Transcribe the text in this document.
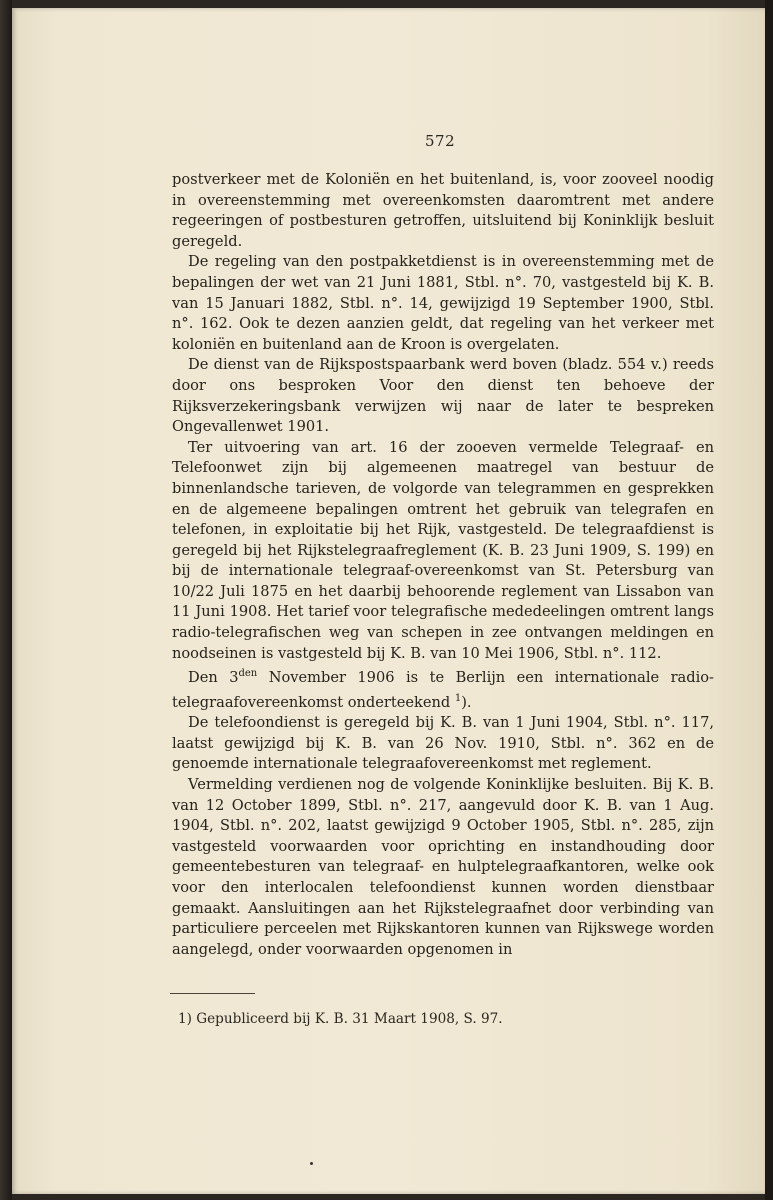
572

postverkeer met de Koloniën en het buitenland, is, voor zooveel noodig in overeenstemming met overeenkomsten daaromtrent met andere regeeringen of postbesturen getroffen, uitsluitend bij Koninklijk besluit geregeld.

De regeling van den postpakketdienst is in overeenstemming met de bepalingen der wet van 21 Juni 1881, Stbl. n°. 70, vastgesteld bij K. B. van 15 Januari 1882, Stbl. n°. 14, gewijzigd 19 September 1900, Stbl. n°. 162. Ook te dezen aanzien geldt, dat regeling van het verkeer met koloniën en buitenland aan de Kroon is overgelaten.

De dienst van de Rijkspostspaarbank werd boven (bladz. 554 v.) reeds door ons besproken Voor den dienst ten behoeve der Rijksverzekeringsbank verwijzen wij naar de later te bespreken Ongevallenwet 1901.

Ter uitvoering van art. 16 der zooeven vermelde Telegraaf- en Telefoonwet zijn bij algemeenen maatregel van bestuur de binnenlandsche tarieven, de volgorde van telegrammen en gesprekken en de algemeene bepalingen omtrent het gebruik van telegrafen en telefonen, in exploitatie bij het Rijk, vastgesteld. De telegraafdienst is geregeld bij het Rijkstelegraafreglement (K. B. 23 Juni 1909, S. 199) en bij de internationale telegraaf-overeenkomst van St. Petersburg van 10/22 Juli 1875 en het daarbij behoorende reglement van Lissabon van 11 Juni 1908. Het tarief voor telegrafische mededeelingen omtrent langs radio-telegrafischen weg van schepen in zee ontvangen meldingen en noodseinen is vastgesteld bij K. B. van 10 Mei 1906, Stbl. n°. 112.

Den $3^{den}$ November 1906 is te Berlijn een internationale radio-telegraafovereenkomst onderteekend $^1$).

De telefoondienst is geregeld bij K. B. van 1 Juni 1904, Stbl. n°. 117, laatst gewijzigd bij K. B. van 26 Nov. 1910, Stbl. n°. 362 en de genoemde internationale telegraafovereenkomst met reglement.

Vermelding verdienen nog de volgende Koninklijke besluiten. Bij K. B. van 12 October 1899, Stbl. n°. 217, aangevuld door K. B. van 1 Aug. 1904, Stbl. n°. 202, laatst gewijzigd 9 October 1905, Stbl. n°. 285, zijn vastgesteld voorwaarden voor oprichting en instandhouding door gemeentebesturen van telegraaf- en hulptelegraafkantoren, welke ook voor den interlocalen telefoondienst kunnen worden dienstbaar gemaakt. Aansluitingen aan het Rijkstelegraafnet door verbinding van particuliere perceelen met Rijkskantoren kunnen van Rijkswege worden aangelegd, onder voorwaarden opgenomen in

1) Gepubliceerd bij K. B. 31 Maart 1908, S. 97.
